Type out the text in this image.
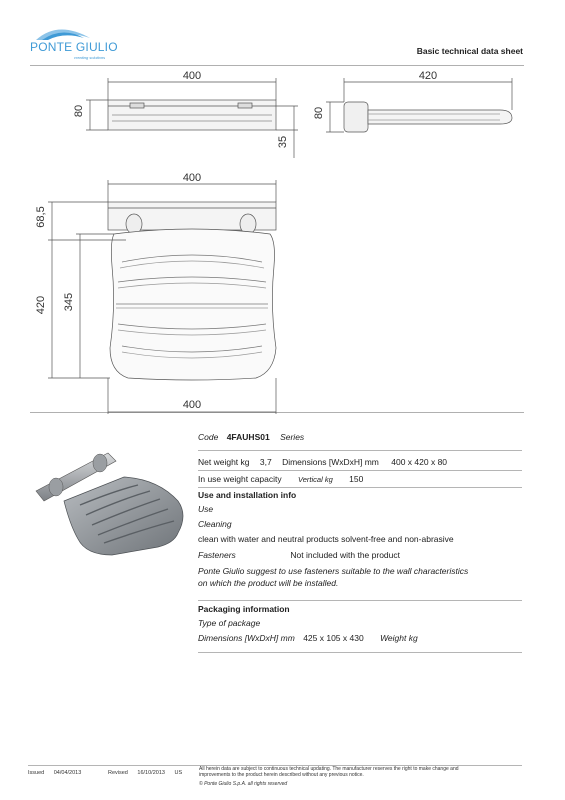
PONTE GIULIO
creating solutions
Basic technical data sheet
400	420
80	80
35
400
68,5
420 345
400
Code 4FAUHS01 Series
Net weight kg 3,7 Dimensions [WxDxH] mm 400 x 420 x 80
In use weight capacity Vertical kg 150
Use and installation info
Use
Cleaning
clean with water and neutral products solvent-free and non-abrasive
Fasteners	Not included with the product
Ponte Giulio suggest to use fasteners suitable to the wall characteristics
on which the product will be installed.
Packaging information
Type of package
Dimensions [WxDxH] mm 425 x 105 x 430 Weight kg
Issued 04/04/2013	Revised 16/10/2013 US
All herein data are subject to continuous technical updating. The manufacturer reserves the right to make change and
improvements to the product herein described without any previous notice.
© Ponte Giulio S.p.A. all rights reserved
